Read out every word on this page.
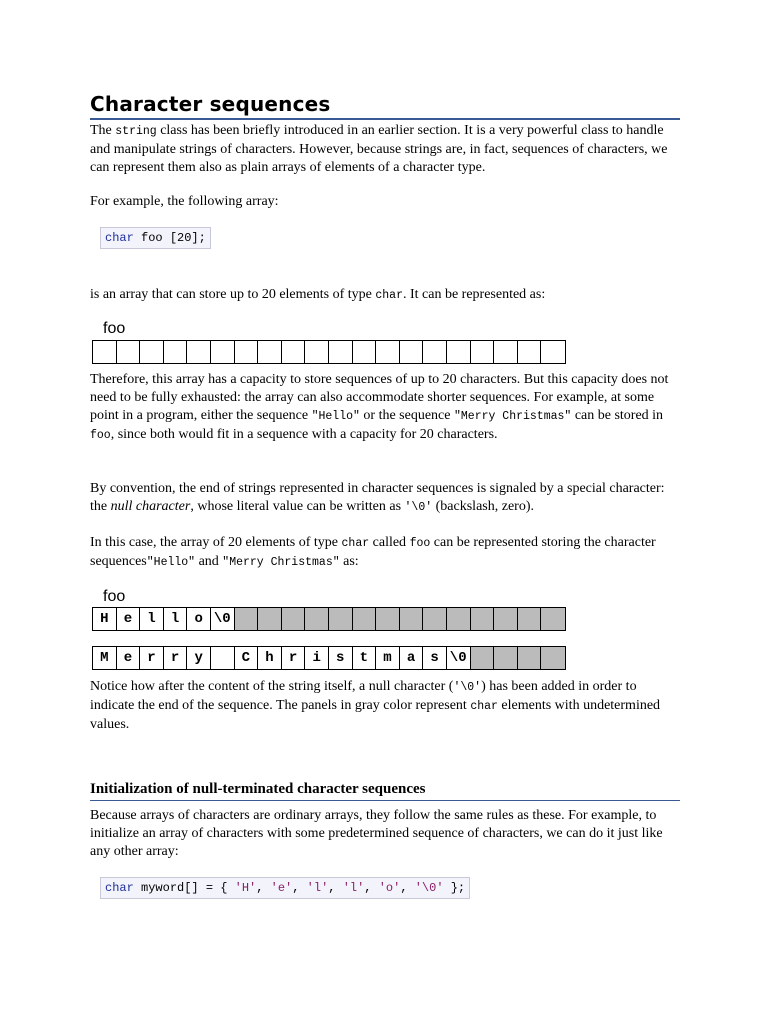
Character sequences

The string class has been briefly introduced in an earlier section. It is a very powerful class to handle and manipulate strings of characters. However, because strings are, in fact, sequences of characters, we can represent them also as plain arrays of elements of a character type.

For example, the following array:

char foo [20];

is an array that can store up to 20 elements of type char. It can be represented as:

foo

Therefore, this array has a capacity to store sequences of up to 20 characters. But this capacity does not need to be fully exhausted: the array can also accommodate shorter sequences. For example, at some point in a program, either the sequence "Hello" or the sequence "Merry Christmas" can be stored in foo, since both would fit in a sequence with a capacity for 20 characters.

By convention, the end of strings represented in character sequences is signaled by a special character: the null character, whose literal value can be written as '\0' (backslash, zero).

In this case, the array of 20 elements of type char called foo can be represented storing the character sequences"Hello" and "Merry Christmas" as:

foo
H	e	l	l	o \0
M	e	r	r	y	C	h	r	i	s	t	m	a	s \0

Notice how after the content of the string itself, a null character ('\0') has been added in order to indicate the end of the sequence. The panels in gray color represent char elements with undetermined values.

Initialization of null-terminated character sequences

Because arrays of characters are ordinary arrays, they follow the same rules as these. For example, to initialize an array of characters with some predetermined sequence of characters, we can do it just like any other array:

char myword[] = { 'H', 'e', 'l', 'l', 'o', '\0' };
